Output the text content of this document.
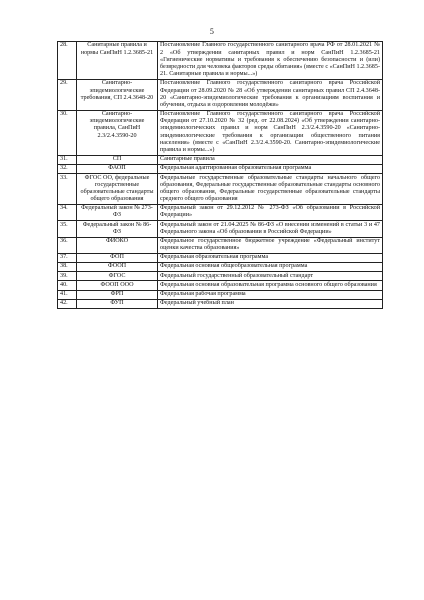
5
28.	Санитарные правила и нормы СанПиН 1.2.3685-21	Постановление Главного государственного санитарного врача РФ от 28.01.2021 № 2 «Об утверждении санитарных правил и норм СанПиН 1.2.3685-21 «Гигиенические нормативы и требования к обеспечению безопасности и (или) безвредности для человека факторов среды обитания» (вместе с «СанПиН 1.2.3685-21. Санитарные правила и нормы...»)
29.	Санитарно-эпидемиологические требования, СП 2.4.3648-20	Постановление Главного государственного санитарного врача Российской Федерации от 28.09.2020 № 28 «Об утверждении санитарных правил СП 2.4.3648-20 «Санитарно-эпидемиологические требования к организациям воспитания и обучения, отдыха и оздоровления молодёжи»
30.	Санитарно-эпидемиологические правила, СанПиН 2.3/2.4.3590-20	Постановление Главного государственного санитарного врача Российской Федерации от 27.10.2020 № 32 (ред. от 22.08.2024) «Об утверждении санитарно-эпидемиологических правил и норм СанПиН 2.3/2.4.3590-20 «Санитарно-эпидемиологические требования к организации общественного питания населения» (вместе с «СанПиН 2.3/2.4.3590-20. Санитарно-эпидемиологические правила и нормы...»)
31.	СП	Санитарные правила
32.	ФАОП	Федеральная адаптированная образовательная программа
33.	ФГОС ОО, федеральные государственные образовательные стандарты общего образования	Федеральные государственные образовательные стандарты начального общего образования, Федеральные государственные образовательные стандарты основного общего образования, Федеральные государственные образовательные стандарты среднего общего образования
34.	Федеральный закон № 273-ФЗ	Федеральный закон от 29.12.2012 № 273-ФЗ «Об образовании в Российской Федерации»
35.	Федеральный закон № 86-ФЗ	Федеральный закон от 21.04.2025 № 86-ФЗ «О внесении изменений в статьи 3 и 47 Федерального закона «Об образовании в Российской Федерации»
36.	ФИОКО	Федеральное государственное бюджетное учреждение «Федеральный институт оценки качества образования»
37.	ФОП	Федеральная образовательная программа
38.	ФООП	Федеральная основная общеобразовательная программа
39.	ФГОС	Федеральный государственный образовательный стандарт
40.	ФООП ООО	Федеральная основная образовательная программа основного общего образования
41.	ФРП	Федеральная рабочая программа
42.	ФУП	Федеральный учебный план
